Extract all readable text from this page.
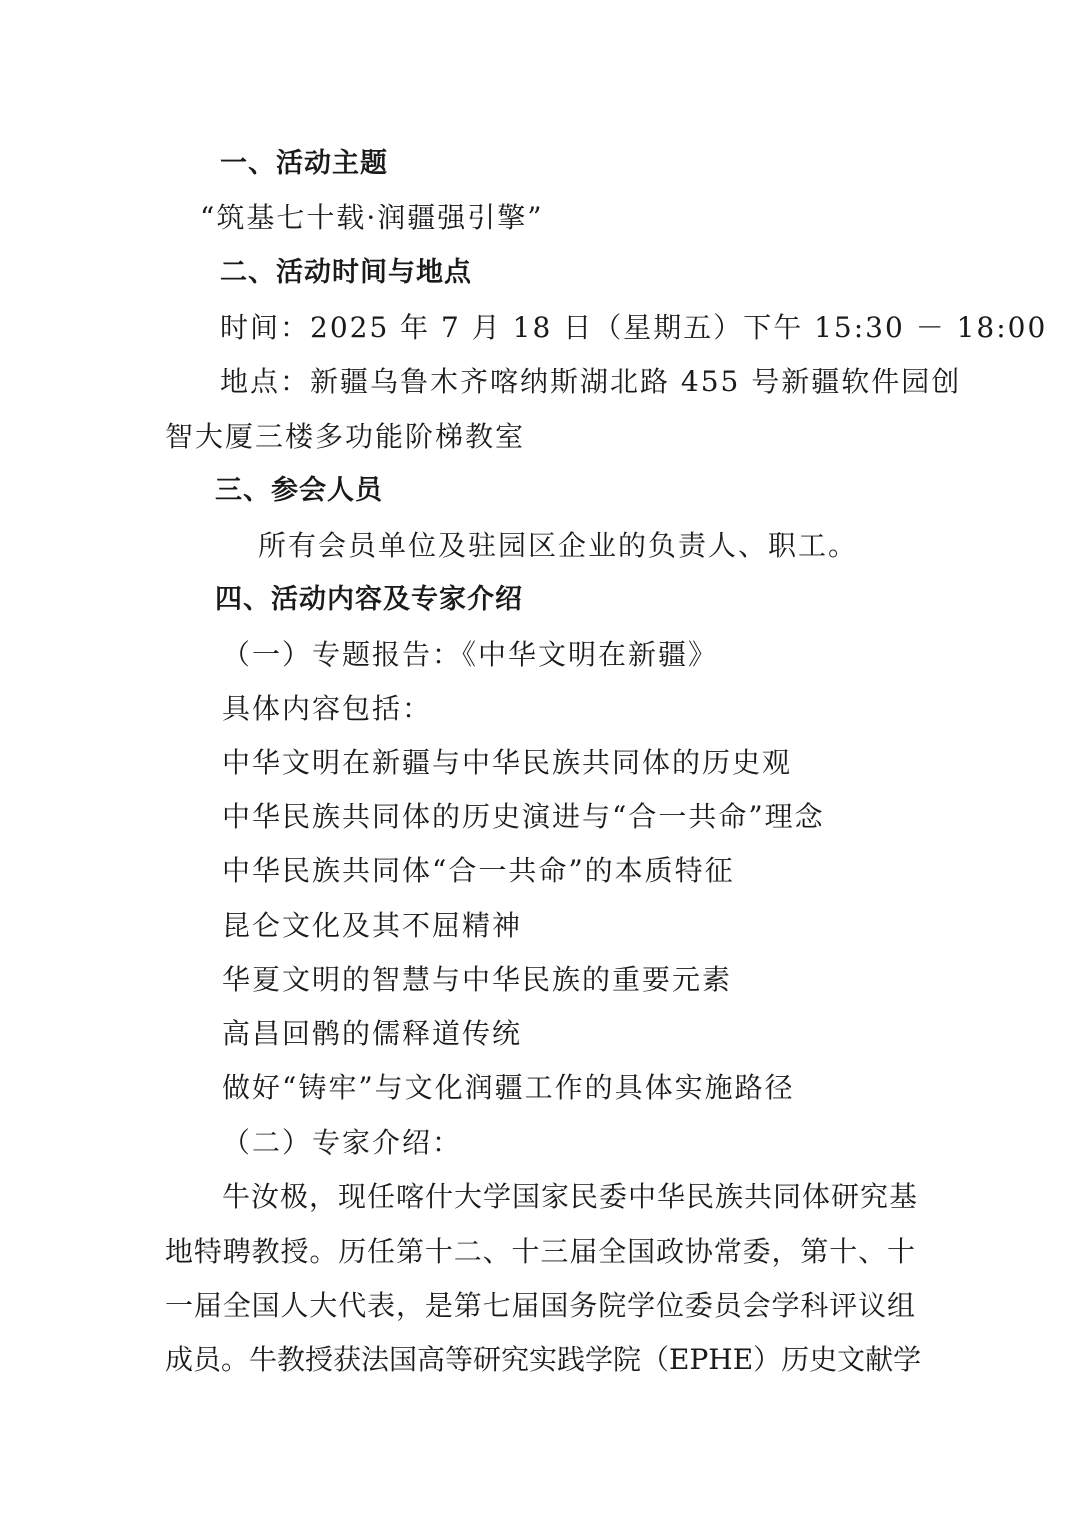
一、活动主题
“筑基七十载·润疆强引擎”
二、活动时间与地点
时间：2025 年 7 月 18 日（星期五）下午 15:30 － 18:00
地点：新疆乌鲁木齐喀纳斯湖北路 455 号新疆软件园创
智大厦三楼多功能阶梯教室
三、参会人员
所有会员单位及驻园区企业的负责人、职工。
四、活动内容及专家介绍
（一）专题报告：《中华文明在新疆》
具体内容包括：
中华文明在新疆与中华民族共同体的历史观
中华民族共同体的历史演进与“合一共命”理念
中华民族共同体“合一共命”的本质特征
昆仑文化及其不屈精神
华夏文明的智慧与中华民族的重要元素
高昌回鹘的儒释道传统
做好“铸牢”与文化润疆工作的具体实施路径
（二）专家介绍：
牛汝极，现任喀什大学国家民委中华民族共同体研究基
地特聘教授。历任第十二、十三届全国政协常委，第十、十
一届全国人大代表，是第七届国务院学位委员会学科评议组
成员。牛教授获法国高等研究实践学院（EPHE）历史文献学
